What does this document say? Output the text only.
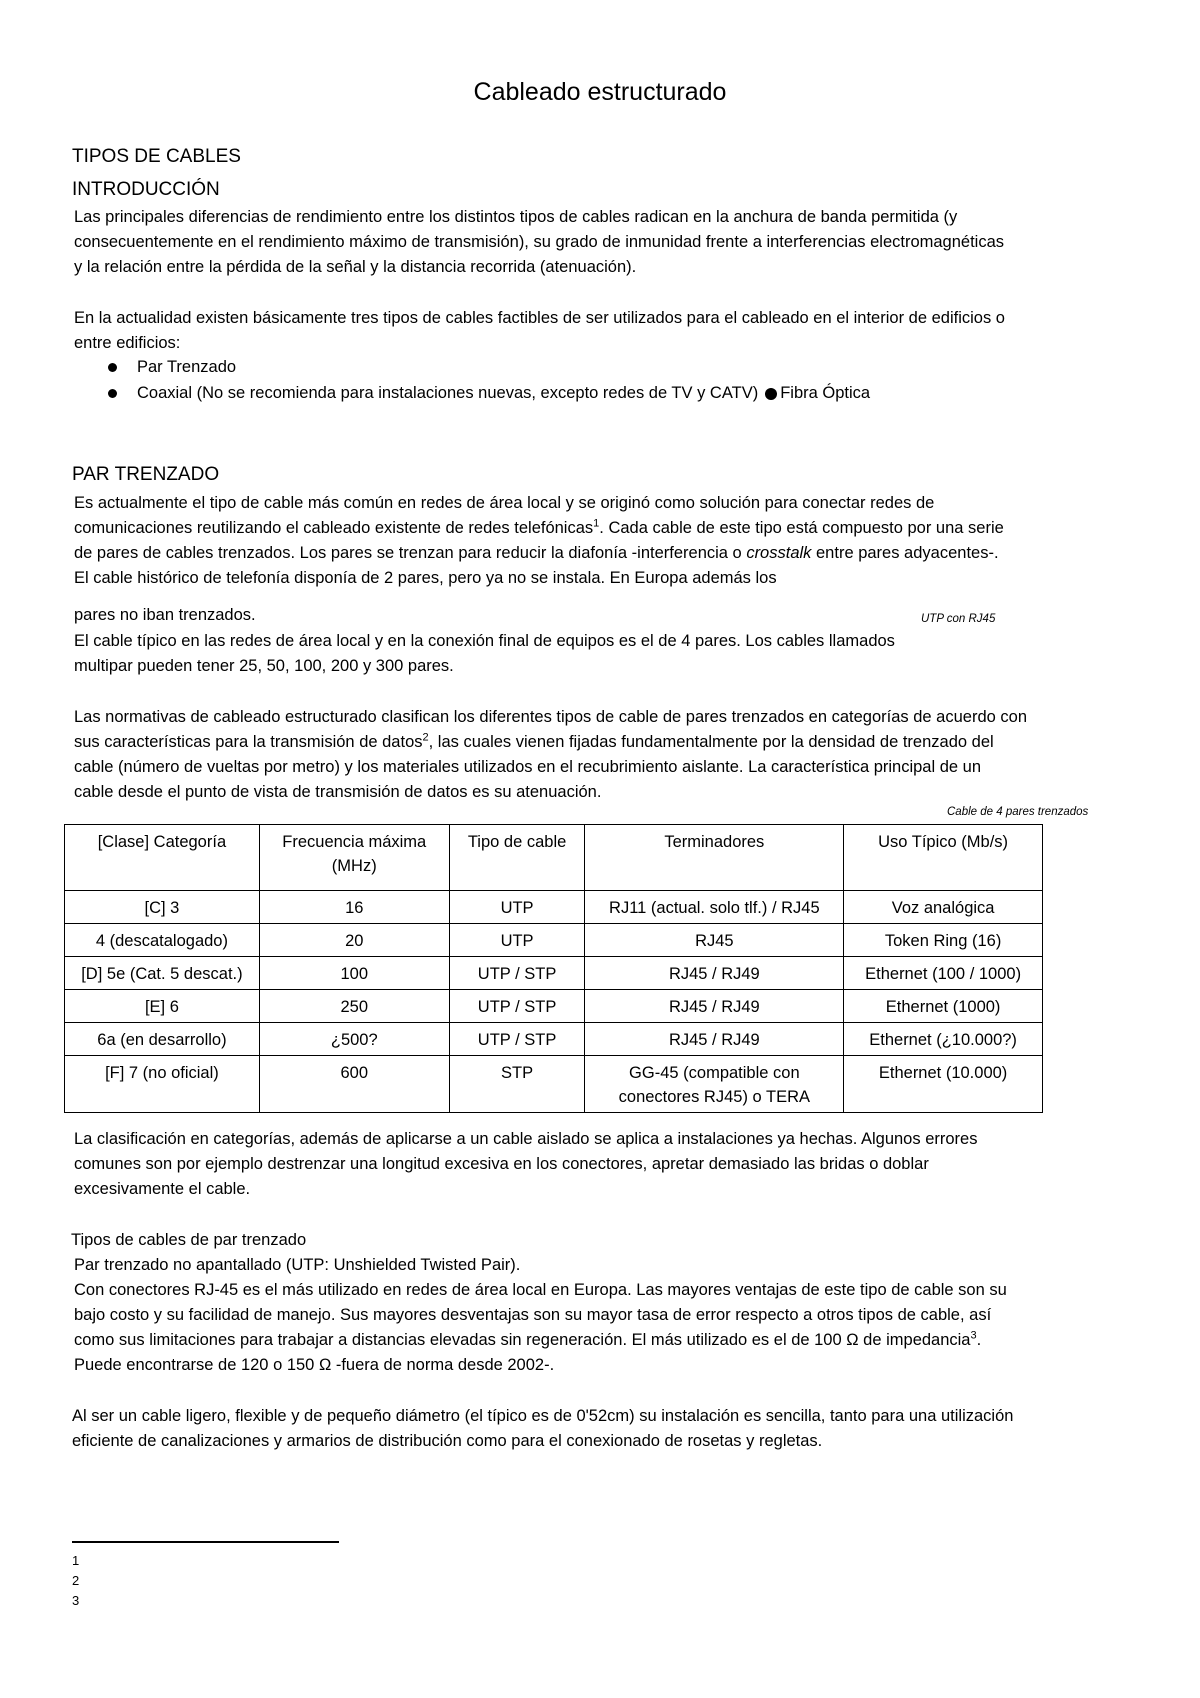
Cableado estructurado
TIPOS DE CABLES
INTRODUCCIÓN
Las principales diferencias de rendimiento entre los distintos tipos de cables radican en la anchura de banda permitida (y
consecuentemente en el rendimiento máximo de transmisión), su grado de inmunidad frente a interferencias electromagnéticas
y la relación entre la pérdida de la señal y la distancia recorrida (atenuación).
En la actualidad existen básicamente tres tipos de cables factibles de ser utilizados para el cableado en el interior de edificios o
entre edificios:
Par Trenzado
Coaxial (No se recomienda para instalaciones nuevas, excepto redes de TV y CATV) Fibra Óptica
PAR TRENZADO
Es actualmente el tipo de cable más común en redes de área local y se originó como solución para conectar redes de
comunicaciones reutilizando el cableado existente de redes telefónicas$^1$. Cada cable de este tipo está compuesto por una serie
de pares de cables trenzados. Los pares se trenzan para reducir la diafonía -interferencia o crosstalk entre pares adyacentes-.
El cable histórico de telefonía disponía de 2 pares, pero ya no se instala. En Europa además los
pares no iban trenzados.	UTP con RJ45
El cable típico en las redes de área local y en la conexión final de equipos es el de 4 pares. Los cables llamados
multipar pueden tener 25, 50, 100, 200 y 300 pares.
Las normativas de cableado estructurado clasifican los diferentes tipos de cable de pares trenzados en categorías de acuerdo con
sus características para la transmisión de datos$^2$, las cuales vienen fijadas fundamentalmente por la densidad de trenzado del
cable (número de vueltas por metro) y los materiales utilizados en el recubrimiento aislante. La característica principal de un
cable desde el punto de vista de transmisión de datos es su atenuación.
Cable de 4 pares trenzados
[Clase] Categoría	Frecuencia máxima (MHz)	Tipo de cable	Terminadores	Uso Típico (Mb/s)
[C] 3	16	UTP	RJ11 (actual. solo tlf.) / RJ45	Voz analógica
4 (descatalogado)	20	UTP	RJ45	Token Ring (16)
[D] 5e (Cat. 5 descat.)	100	UTP / STP	RJ45 / RJ49	Ethernet (100 / 1000)
[E] 6	250	UTP / STP	RJ45 / RJ49	Ethernet (1000)
6a (en desarrollo)	¿500?	UTP / STP	RJ45 / RJ49	Ethernet (¿10.000?)
[F] 7 (no oficial)	600	STP	GG-45 (compatible con conectores RJ45) o TERA	Ethernet (10.000)
La clasificación en categorías, además de aplicarse a un cable aislado se aplica a instalaciones ya hechas. Algunos errores
comunes son por ejemplo destrenzar una longitud excesiva en los conectores, apretar demasiado las bridas o doblar
excesivamente el cable.
Tipos de cables de par trenzado
Par trenzado no apantallado (UTP: Unshielded Twisted Pair).
Con conectores RJ-45 es el más utilizado en redes de área local en Europa. Las mayores ventajas de este tipo de cable son su
bajo costo y su facilidad de manejo. Sus mayores desventajas son su mayor tasa de error respecto a otros tipos de cable, así
como sus limitaciones para trabajar a distancias elevadas sin regeneración. El más utilizado es el de 100 Ω de impedancia$^3$.
Puede encontrarse de 120 o 150 Ω -fuera de norma desde 2002-.
Al ser un cable ligero, flexible y de pequeño diámetro (el típico es de 0'52cm) su instalación es sencilla, tanto para una utilización
eficiente de canalizaciones y armarios de distribución como para el conexionado de rosetas y regletas.
1
2
3
